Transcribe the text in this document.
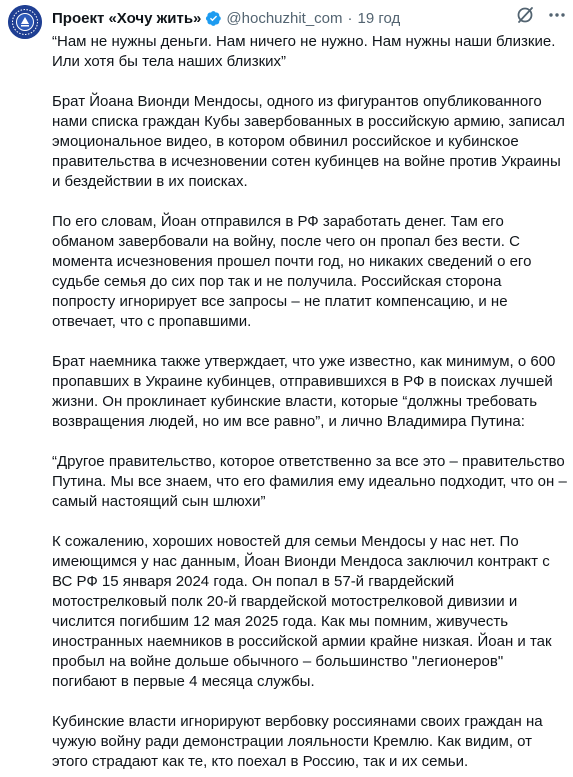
Проект «Хочу жить» @hochuzhit_com · 19 год

“Нам не нужны деньги. Нам ничего не нужно. Нам нужны наши близкие. Или хотя бы тела наших близких”

Брат Йоана Вионди Мендосы, одного из фигурантов опубликованного нами списка граждан Кубы завербованных в российскую армию, записал эмоциональное видео, в котором обвинил российское и кубинское правительства в исчезновении сотен кубинцев на войне против Украины и бездействии в их поисках.

По его словам, Йоан отправился в РФ заработать денег. Там его обманом завербовали на войну, после чего он пропал без вести. С момента исчезновения прошел почти год, но никаких сведений о его судьбе семья до сих пор так и не получила. Российская сторона попросту игнорирует все запросы – не платит компенсацию, и не отвечает, что с пропавшими.

Брат наемника также утверждает, что уже известно, как минимум, о 600 пропавших в Украине кубинцев, отправившихся в РФ в поисках лучшей жизни. Он проклинает кубинские власти, которые “должны требовать возвращения людей, но им все равно”, и лично Владимира Путина:

“Другое правительство, которое ответственно за все это – правительство Путина. Мы все знаем, что его фамилия ему идеально подходит, что он – самый настоящий сын шлюхи”

К сожалению, хороших новостей для семьи Мендосы у нас нет. По имеющимся у нас данным, Йоан Вионди Мендоса заключил контракт с ВС РФ 15 января 2024 года. Он попал в 57-й гвардейский мотострелковый полк 20-й гвардейской мотострелковой дивизии и числится погибшим 12 мая 2025 года. Как мы помним, живучесть иностранных наемников в российской армии крайне низкая. Йоан и так пробыл на войне дольше обычного – большинство "легионеров" погибают в первые 4 месяца службы.

Кубинские власти игнорируют вербовку россиянами своих граждан на чужую войну ради демонстрации лояльности Кремлю. Как видим, от этого страдают как те, кто поехал в Россию, так и их семьи.
